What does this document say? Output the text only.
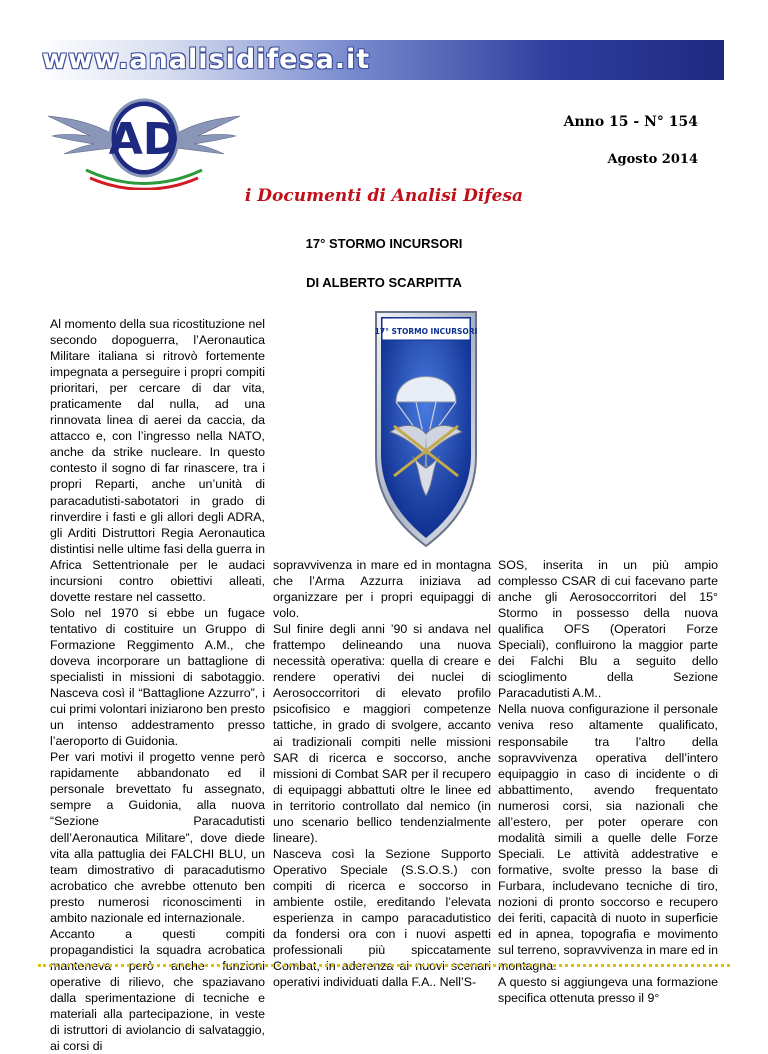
www.analisidifesa.it
AD	Anno 15 - N° 154
Agosto 2014
i Documenti di Analisi Difesa
17° STORMO INCURSORI
DI ALBERTO SCARPITTA

Al momento della sua ricostituzione nel secondo dopoguerra, l’Aeronautica Militare italiana si ritrovò fortemente impegnata a perseguire i propri compiti prioritari, per cercare di dar vita, praticamente dal nulla, ad una rinnovata linea di aerei da caccia, da attacco e, con l’ingresso nella NATO, anche da strike nucleare. In questo contesto il sogno di far rinascere, tra i propri Reparti, anche un’unità di paracadutisti-sabotatori in grado di rinverdire i fasti e gli allori degli ADRA, gli Arditi Distruttori Regia Aeronautica distintisi nelle ultime fasi della guerra in Africa Settentrionale per le audaci incursioni contro obiettivi alleati, dovette restare nel cassetto.

Solo nel 1970 si ebbe un fugace tentativo di costituire un Gruppo di Formazione Reggimento A.M., che doveva incorporare un battaglione di specialisti in missioni di sabotaggio. Nasceva così il “Battaglione Azzurro”, i cui primi volontari iniziarono ben presto un intenso addestramento presso l’aeroporto di Guidonia.

Per vari motivi il progetto venne però rapidamente abbandonato ed il personale brevettato fu assegnato, sempre a Guidonia, alla nuova “Sezione Paracadutisti dell’Aeronautica Militare”, dove diede vita alla pattuglia dei FALCHI BLU, un team dimostrativo di paracadutismo acrobatico che avrebbe ottenuto ben presto numerosi riconoscimenti in ambito nazionale ed internazionale.

Accanto a questi compiti propagandistici la squadra acrobatica manteneva però anche funzioni operative di rilievo, che spaziavano dalla sperimentazione di tecniche e materiali alla partecipazione, in veste di istruttori di aviolancio di salvataggio, ai corsi di

17° STORMO INCURSORI

sopravvivenza in mare ed in montagna che l’Arma Azzurra iniziava ad organizzare per i propri equipaggi di volo.

Sul finire degli anni ’90 si andava nel frattempo delineando una nuova necessità operativa: quella di creare e rendere operativi dei nuclei di Aerosoccorritori di elevato profilo psicofisico e maggiori competenze tattiche, in grado di svolgere, accanto ai tradizionali compiti nelle missioni SAR di ricerca e soccorso, anche missioni di Combat SAR per il recupero di equipaggi abbattuti oltre le linee ed in territorio controllato dal nemico (in uno scenario bellico tendenzialmente lineare).

Nasceva così la Sezione Supporto Operativo Speciale (S.S.O.S.) con compiti di ricerca e soccorso in ambiente ostile, ereditando l’elevata esperienza in campo paracadutistico da fondersi ora con i nuovi aspetti professionali più spiccatamente Combat, in aderenza ai nuovi scenari operativi individuati dalla F.A.. Nell’S-

SOS, inserita in un più ampio complesso CSAR di cui facevano parte anche gli Aerosoccorritori del 15° Stormo in possesso della nuova qualifica OFS (Operatori Forze Speciali), confluirono la maggior parte dei Falchi Blu a seguito dello scioglimento della Sezione Paracadutisti A.M..

Nella nuova configurazione il personale veniva reso altamente qualificato, responsabile tra l’altro della sopravvivenza operativa dell’intero equipaggio in caso di incidente o di abbattimento, avendo frequentato numerosi corsi, sia nazionali che all’estero, per poter operare con modalità simili a quelle delle Forze Speciali. Le attività addestrative e formative, svolte presso la base di Furbara, includevano tecniche di tiro, nozioni di pronto soccorso e recupero dei feriti, capacità di nuoto in superficie ed in apnea, topografia e movimento sul terreno, sopravvivenza in mare ed in montagna.

A questo si aggiungeva una formazione specifica ottenuta presso il 9°
